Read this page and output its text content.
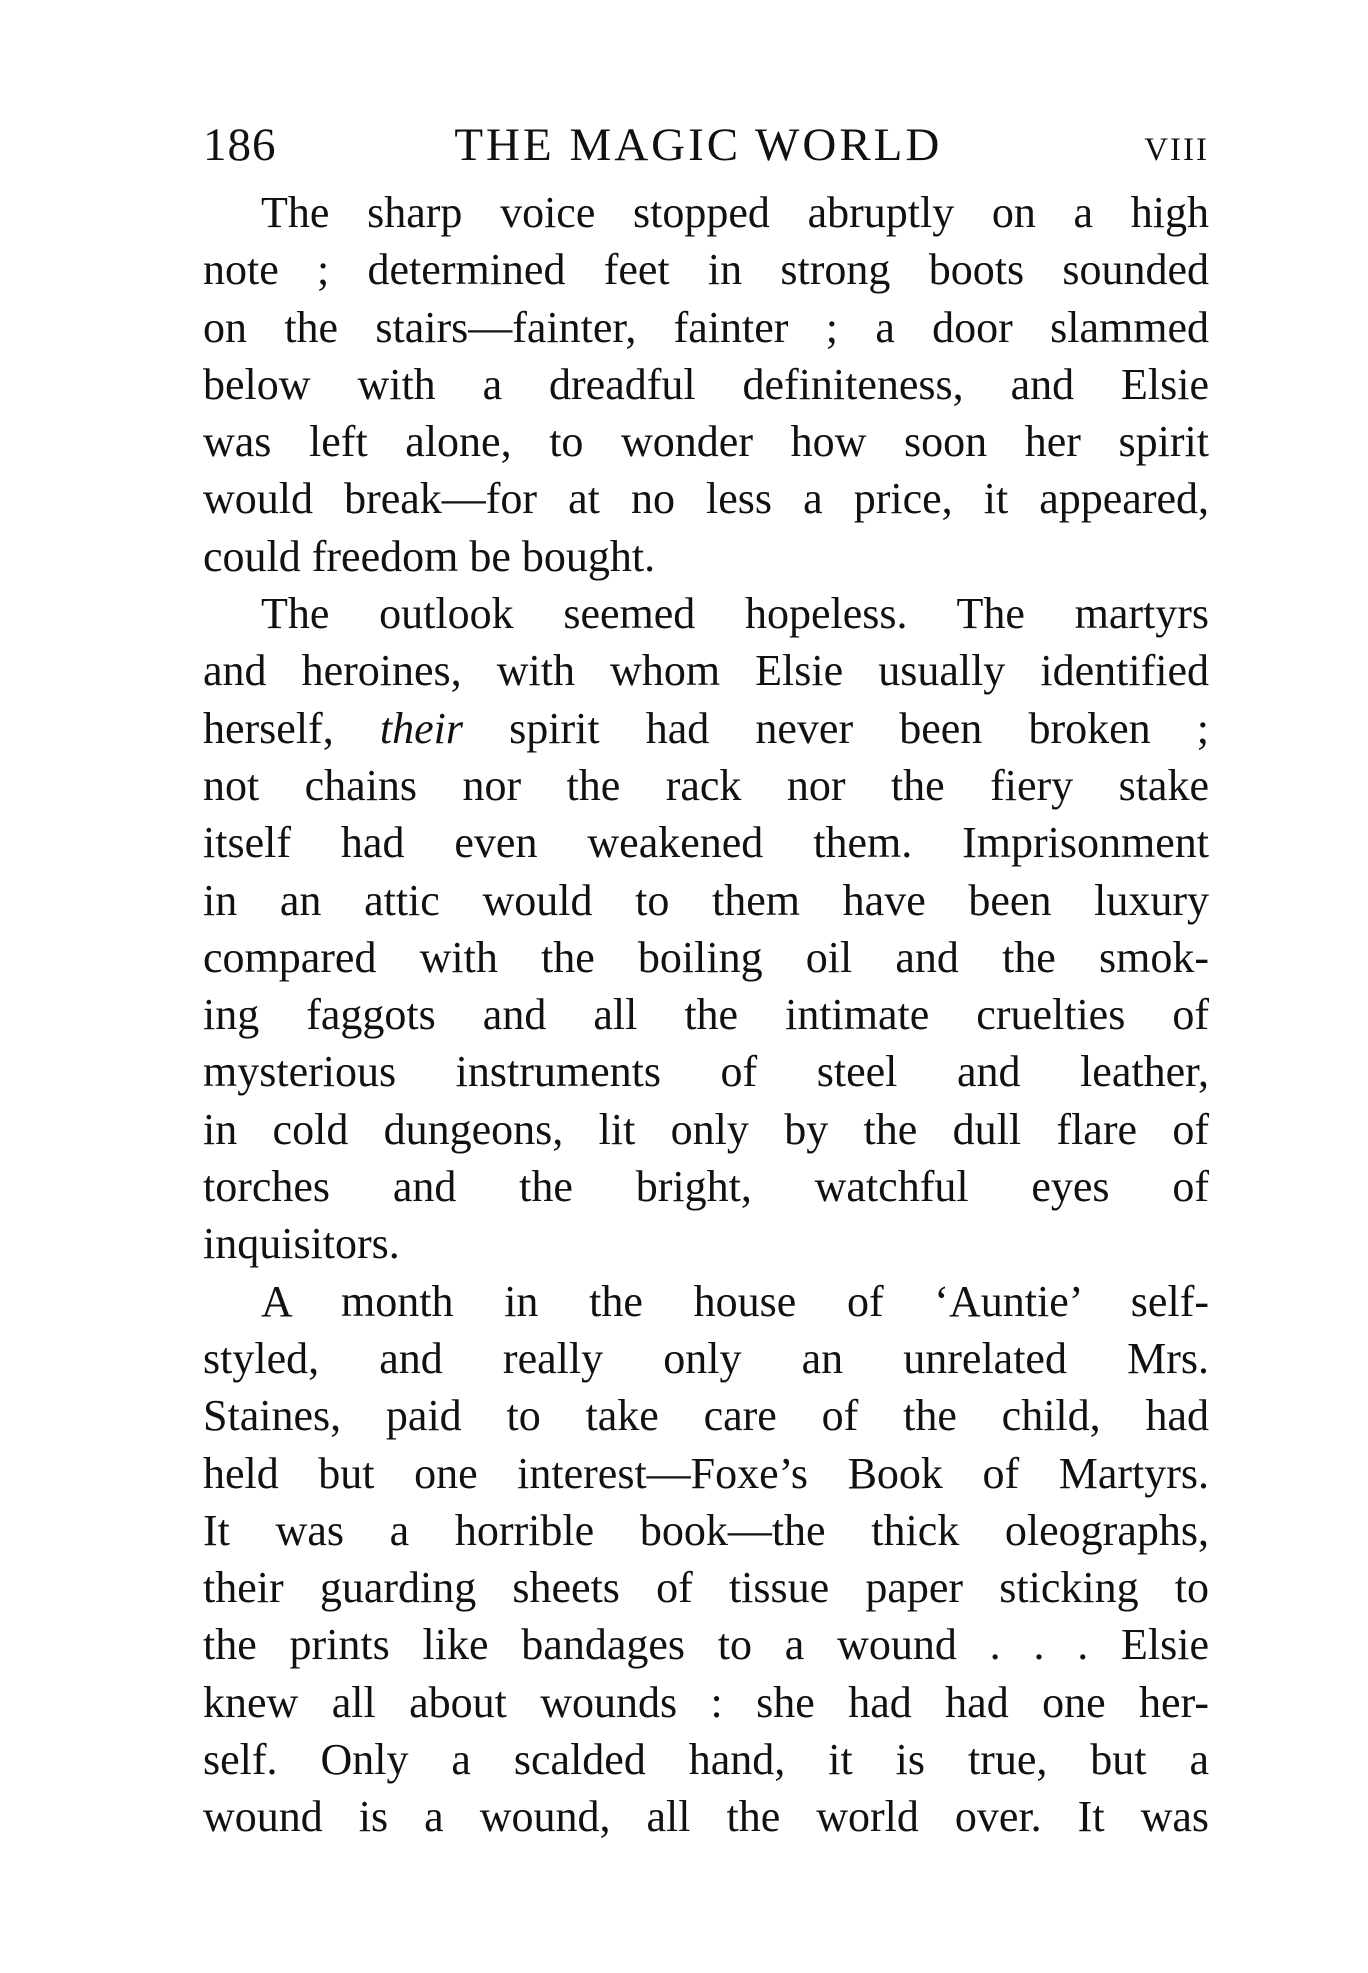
186	THE MAGIC WORLD	VIII
The sharp voice stopped abruptly on a high
note ; determined feet in strong boots sounded
on the stairs—fainter, fainter ; a door slammed
below with a dreadful definiteness, and Elsie
was left alone, to wonder how soon her spirit
would break—for at no less a price, it appeared,
could freedom be bought.
The outlook seemed hopeless. The martyrs
and heroines, with whom Elsie usually identified
herself, their spirit had never been broken ;
not chains nor the rack nor the fiery stake
itself had even weakened them. Imprisonment
in an attic would to them have been luxury
compared with the boiling oil and the smok-
ing faggots and all the intimate cruelties of
mysterious instruments of steel and leather,
in cold dungeons, lit only by the dull flare of
torches and the bright, watchful eyes of
inquisitors.
A month in the house of ‘Auntie’ self-
styled, and really only an unrelated Mrs.
Staines, paid to take care of the child, had
held but one interest—Foxe’s Book of Martyrs.
It was a horrible book—the thick oleographs,
their guarding sheets of tissue paper sticking to
the prints like bandages to a wound . . . Elsie
knew all about wounds : she had had one her-
self. Only a scalded hand, it is true, but a
wound is a wound, all the world over. It was
